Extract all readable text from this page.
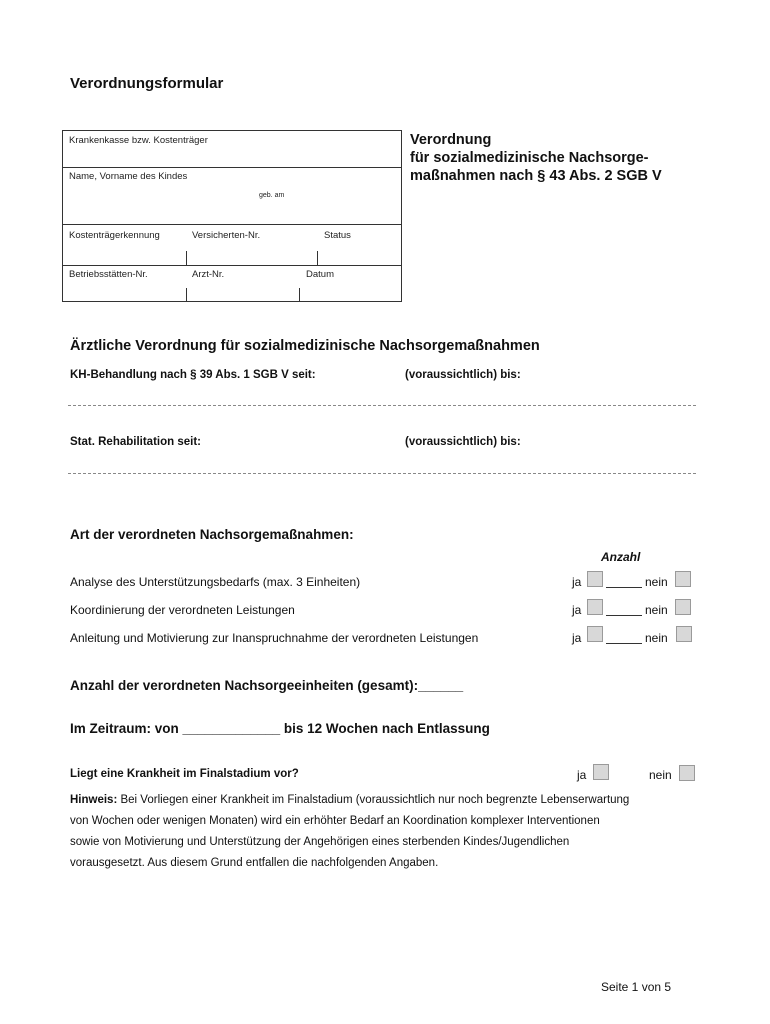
Verordnungsformular
Krankenkasse bzw. Kostenträger
Name, Vorname des Kindes
geb. am
Kostenträgerkennung	Versicherten-Nr.	Status
Betriebsstätten-Nr.	Arzt-Nr.	Datum
Verordnung
für sozialmedizinische Nachsorge-
maßnahmen nach § 43 Abs. 2 SGB V
Ärztliche Verordnung für sozialmedizinische Nachsorgemaßnahmen
KH-Behandlung nach § 39 Abs. 1 SGB V seit:	(voraussichtlich) bis:
Stat. Rehabilitation seit:	(voraussichtlich) bis:
Art der verordneten Nachsorgemaßnahmen:
Anzahl
Analyse des Unterstützungsbedarfs (max. 3 Einheiten)	ja	nein
Koordinierung der verordneten Leistungen	ja	nein
Anleitung und Motivierung zur Inanspruchnahme der verordneten Leistungen	ja	nein
Anzahl der verordneten Nachsorgeeinheiten (gesamt):______
Im Zeitraum: von _____________ bis 12 Wochen nach Entlassung
Liegt eine Krankheit im Finalstadium vor?	ja	nein
Hinweis: Bei Vorliegen einer Krankheit im Finalstadium (voraussichtlich nur noch begrenzte Lebenserwartung
von Wochen oder wenigen Monaten) wird ein erhöhter Bedarf an Koordination komplexer Interventionen
sowie von Motivierung und Unterstützung der Angehörigen eines sterbenden Kindes/Jugendlichen
vorausgesetzt. Aus diesem Grund entfallen die nachfolgenden Angaben.
Seite 1 von 5
